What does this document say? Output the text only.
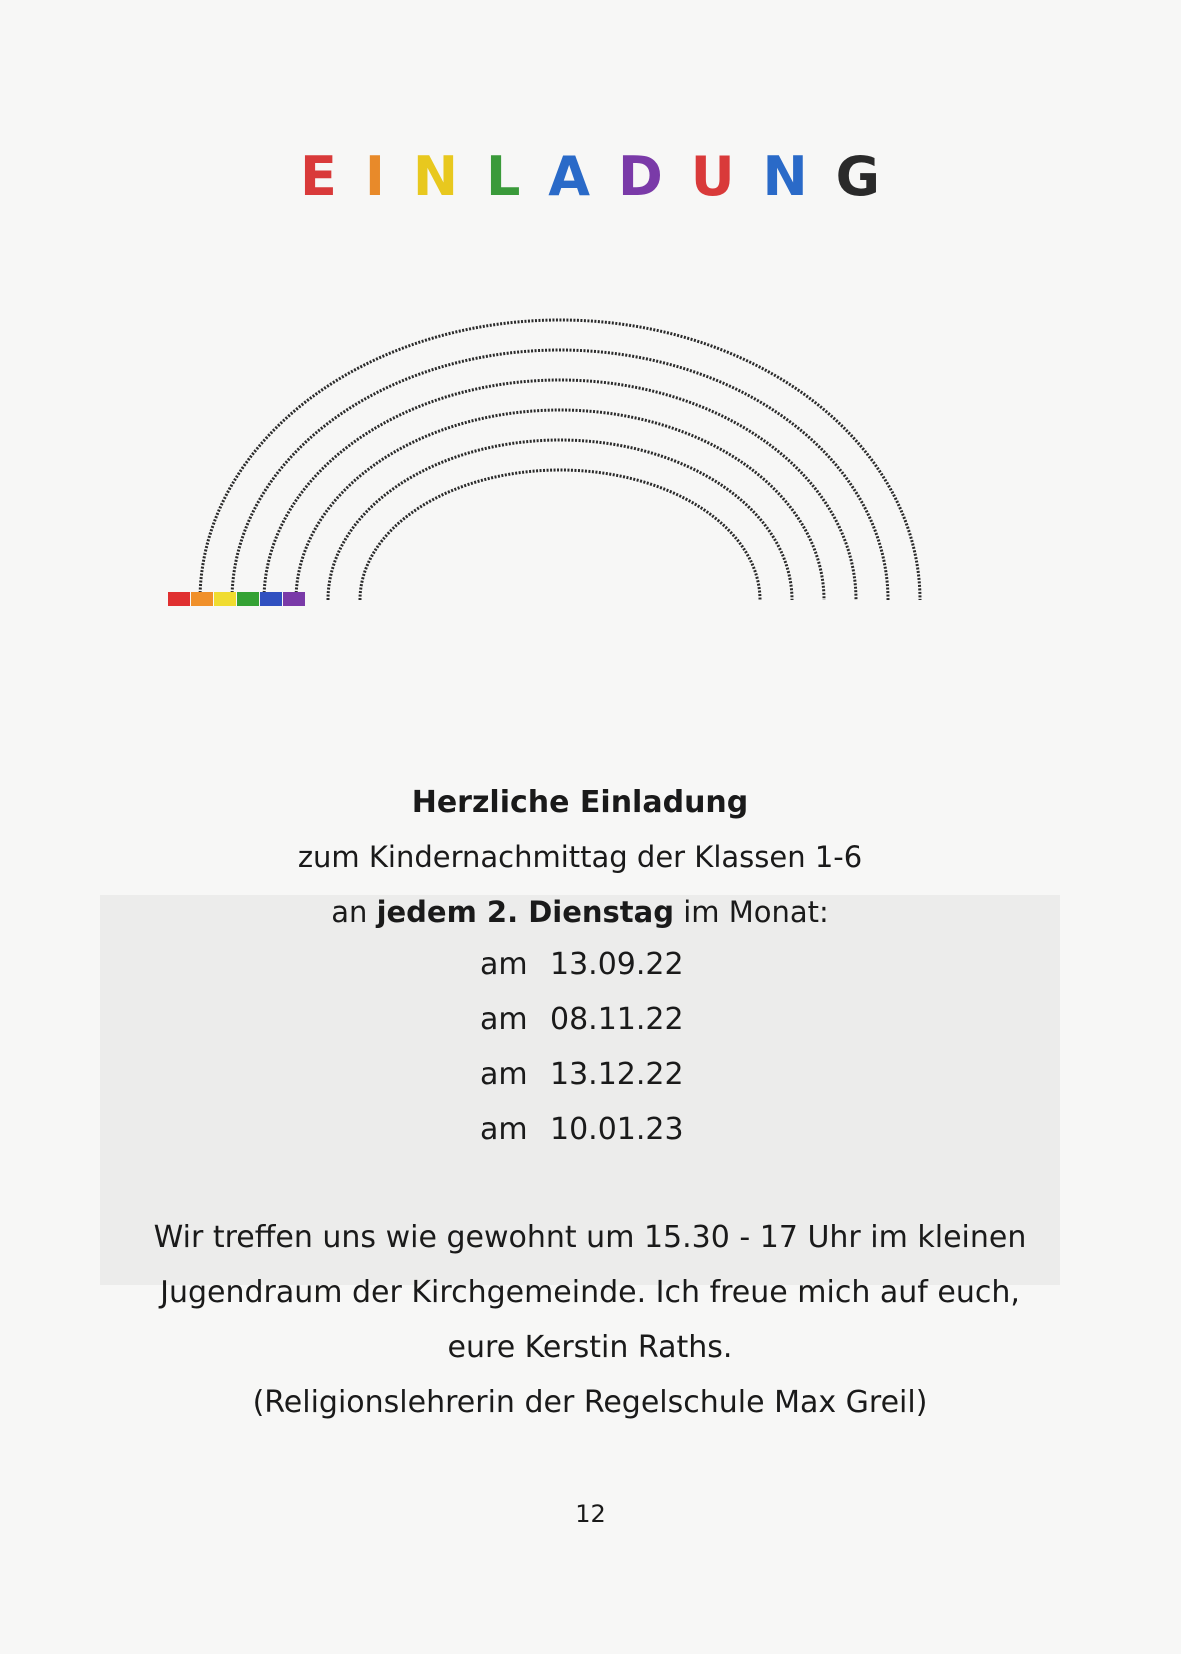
E I N L A D U N G
Herzliche Einladung
zum Kindernachmittag der Klassen 1-6
an jedem 2. Dienstag im Monat:
am 13.09.22
am 08.11.22
am 13.12.22
am 10.01.23
Wir treffen uns wie gewohnt um 15.30 - 17 Uhr im kleinen
Jugendraum der Kirchgemeinde. Ich freue mich auf euch,
eure Kerstin Raths.
(Religionslehrerin der Regelschule Max Greil)
12
